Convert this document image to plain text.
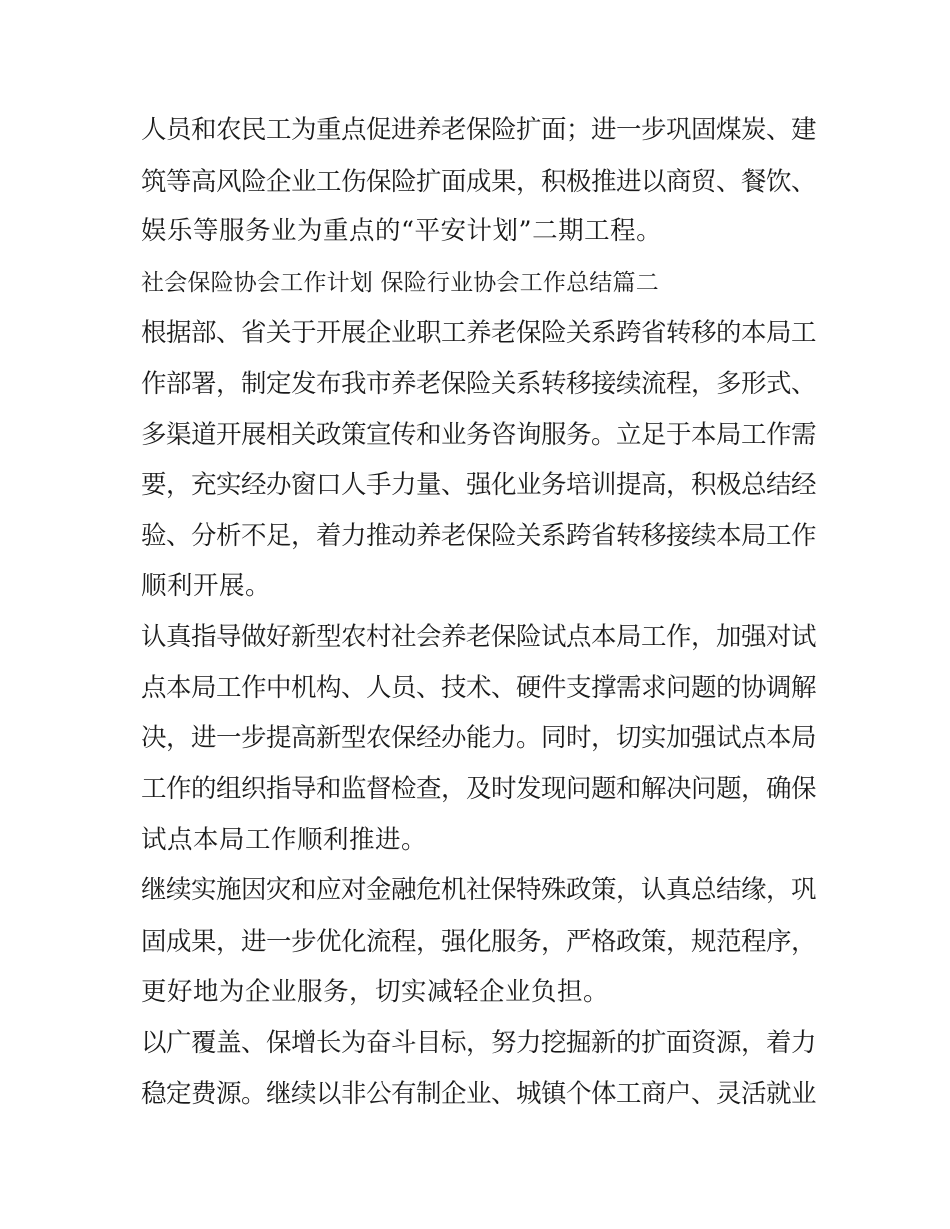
人员和农民工为重点促进养老保险扩面；进一步巩固煤炭、建
筑等高风险企业工伤保险扩面成果，积极推进以商贸、餐饮、
娱乐等服务业为重点的“平安计划”二期工程。
社会保险协会工作计划 保险行业协会工作总结篇二
根据部、省关于开展企业职工养老保险关系跨省转移的本局工
作部署，制定发布我市养老保险关系转移接续流程，多形式、
多渠道开展相关政策宣传和业务咨询服务。立足于本局工作需
要，充实经办窗口人手力量、强化业务培训提高，积极总结经
验、分析不足，着力推动养老保险关系跨省转移接续本局工作
顺利开展。
认真指导做好新型农村社会养老保险试点本局工作，加强对试
点本局工作中机构、人员、技术、硬件支撑需求问题的协调解
决，进一步提高新型农保经办能力。同时，切实加强试点本局
工作的组织指导和监督检查，及时发现问题和解决问题，确保
试点本局工作顺利推进。
继续实施因灾和应对金融危机社保特殊政策，认真总结缘，巩
固成果，进一步优化流程，强化服务，严格政策，规范程序，
更好地为企业服务，切实减轻企业负担。
以广覆盖、保增长为奋斗目标，努力挖掘新的扩面资源，着力
稳定费源。继续以非公有制企业、城镇个体工商户、灵活就业
